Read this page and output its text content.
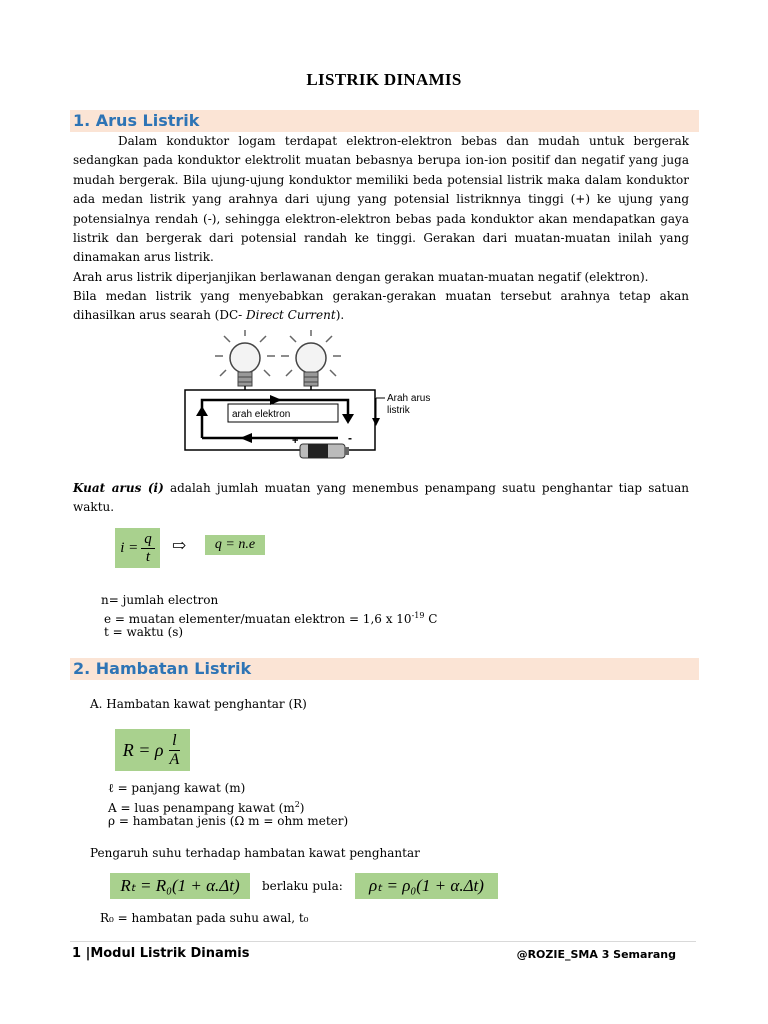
LISTRIK DINAMIS
1. Arus Listrik
Dalam konduktor logam terdapat elektron-elektron bebas dan mudah untuk bergerak sedangkan pada konduktor elektrolit muatan bebasnya berupa ion-ion positif dan negatif yang juga mudah bergerak. Bila ujung-ujung konduktor memiliki beda potensial listrik maka dalam konduktor ada medan listrik yang arahnya dari ujung yang potensial listriknnya tinggi (+) ke ujung yang potensialnya rendah (-), sehingga elektron-elektron bebas pada konduktor akan mendapatkan gaya listrik dan bergerak dari potensial randah ke tinggi. Gerakan dari muatan-muatan inilah yang dinamakan arus listrik.
Arah arus listrik diperjanjikan berlawanan dengan gerakan muatan-muatan negatif (elektron).
Bila medan listrik yang menyebabkan gerakan-gerakan muatan tersebut arahnya tetap akan dihasilkan arus searah (DC- Direct Current).
arah elektron
Arah arus
listrik
+	-
Kuat arus (i) adalah jumlah muatan yang menembus penampang suatu penghantar tiap satuan waktu.
$i = \frac{q}{t}$ ⇨	q = n.e
n= jumlah electron
e = muatan elementer/muatan elektron = 1,6 x $10^{-19}$ C
t = waktu (s)
2. Hambatan Listrik
A. Hambatan kawat penghantar (R)
R = ρ $\frac{l}{A}$
ℓ = panjang kawat (m)
A = luas penampang kawat $(m^2)$
ρ = hambatan jenis (Ω m = ohm meter)
Pengaruh suhu terhadap hambatan kawat penghantar
Rₜ = R₀(1 + α.Δt)	berlaku pula:	ρₜ = ρ₀(1 + α.Δt)
R₀ = hambatan pada suhu awal, t₀
1 |Modul Listrik Dinamis	@ROZIE_SMA 3 Semarang
